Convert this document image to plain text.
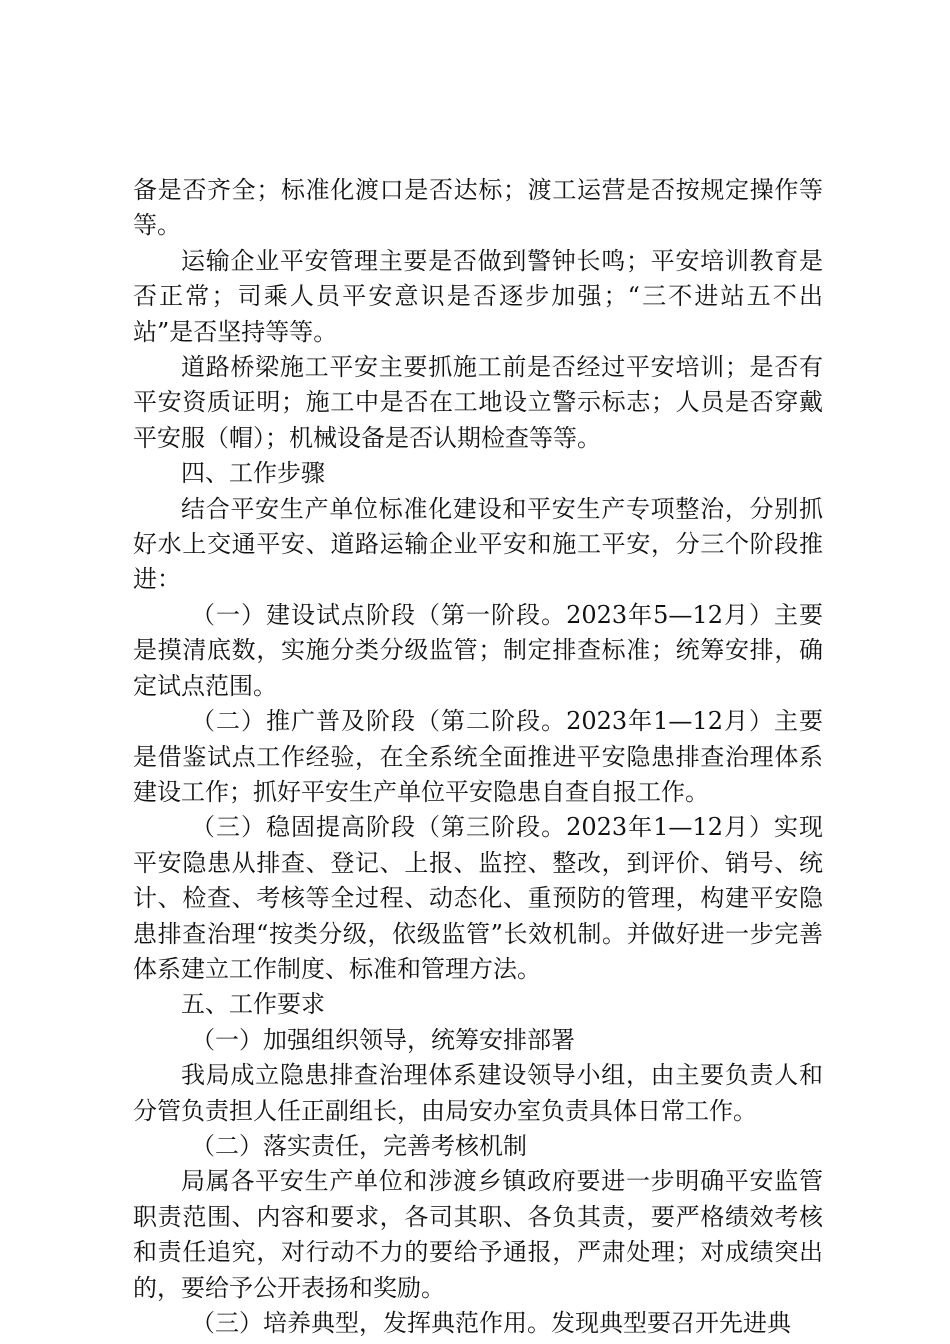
备是否齐全；标准化渡口是否达标；渡工运营是否按规定操作等等。

运输企业平安管理主要是否做到警钟长鸣；平安培训教育是否正常；司乘人员平安意识是否逐步加强；“三不进站五不出站”是否坚持等等。

道路桥梁施工平安主要抓施工前是否经过平安培训；是否有平安资质证明；施工中是否在工地设立警示标志；人员是否穿戴平安服（帽）；机械设备是否认期检查等等。

四、工作步骤

结合平安生产单位标准化建设和平安生产专项整治，分别抓好水上交通平安、道路运输企业平安和施工平安，分三个阶段推进：

（一）建设试点阶段（第一阶段。2023年5—12月）主要是摸清底数，实施分类分级监管；制定排查标准；统筹安排，确定试点范围。

（二）推广普及阶段（第二阶段。2023年1—12月）主要是借鉴试点工作经验，在全系统全面推进平安隐患排查治理体系建设工作；抓好平安生产单位平安隐患自查自报工作。

（三）稳固提高阶段（第三阶段。2023年1—12月）实现平安隐患从排查、登记、上报、监控、整改，到评价、销号、统计、检查、考核等全过程、动态化、重预防的管理，构建平安隐患排查治理“按类分级，依级监管”长效机制。并做好进一步完善体系建立工作制度、标准和管理方法。

五、工作要求

（一）加强组织领导，统筹安排部署

我局成立隐患排查治理体系建设领导小组，由主要负责人和分管负责担人任正副组长，由局安办室负责具体日常工作。

（二）落实责任，完善考核机制

局属各平安生产单位和涉渡乡镇政府要进一步明确平安监管职责范围、内容和要求，各司其职、各负其责，要严格绩效考核和责任追究，对行动不力的要给予通报，严肃处理；对成绩突出的，要给予公开表扬和奖励。

（三）培养典型，发挥典范作用。发现典型要召开先进典
